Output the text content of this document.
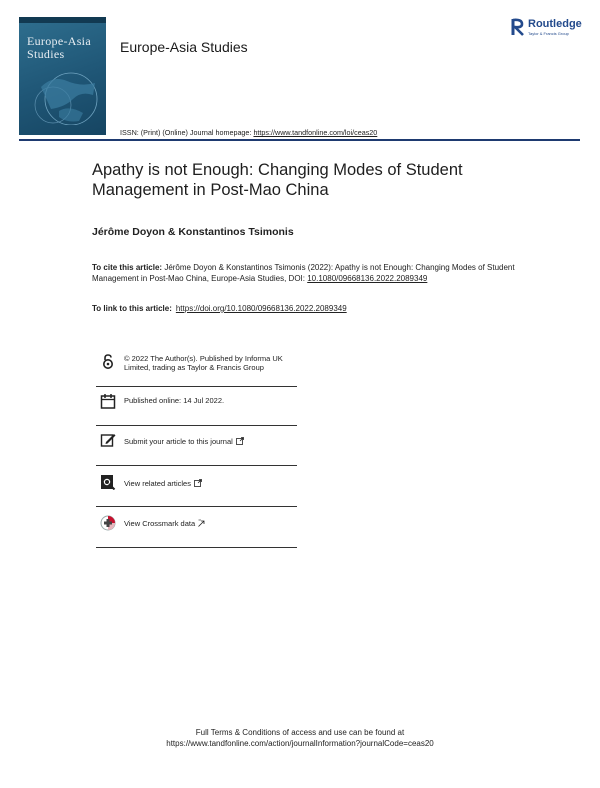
Europe-Asia
Studies	Europe-Asia Studies
Routledge
Taylor & Francis Group
ISSN: (Print) (Online) Journal homepage: https://www.tandfonline.com/loi/ceas20
Apathy is not Enough: Changing Modes of Student Management in Post-Mao China
Jérôme Doyon & Konstantinos Tsimonis
To cite this article: Jérôme Doyon & Konstantinos Tsimonis (2022): Apathy is not Enough: Changing Modes of Student Management in Post-Mao China, Europe-Asia Studies, DOI: 10.1080/09668136.2022.2089349
To link to this article: https://doi.org/10.1080/09668136.2022.2089349
© 2022 The Author(s). Published by Informa UK Limited, trading as Taylor & Francis Group
Published online: 14 Jul 2022.
Submit your article to this journal
View related articles
View Crossmark data
Full Terms & Conditions of access and use can be found at
https://www.tandfonline.com/action/journalInformation?journalCode=ceas20
